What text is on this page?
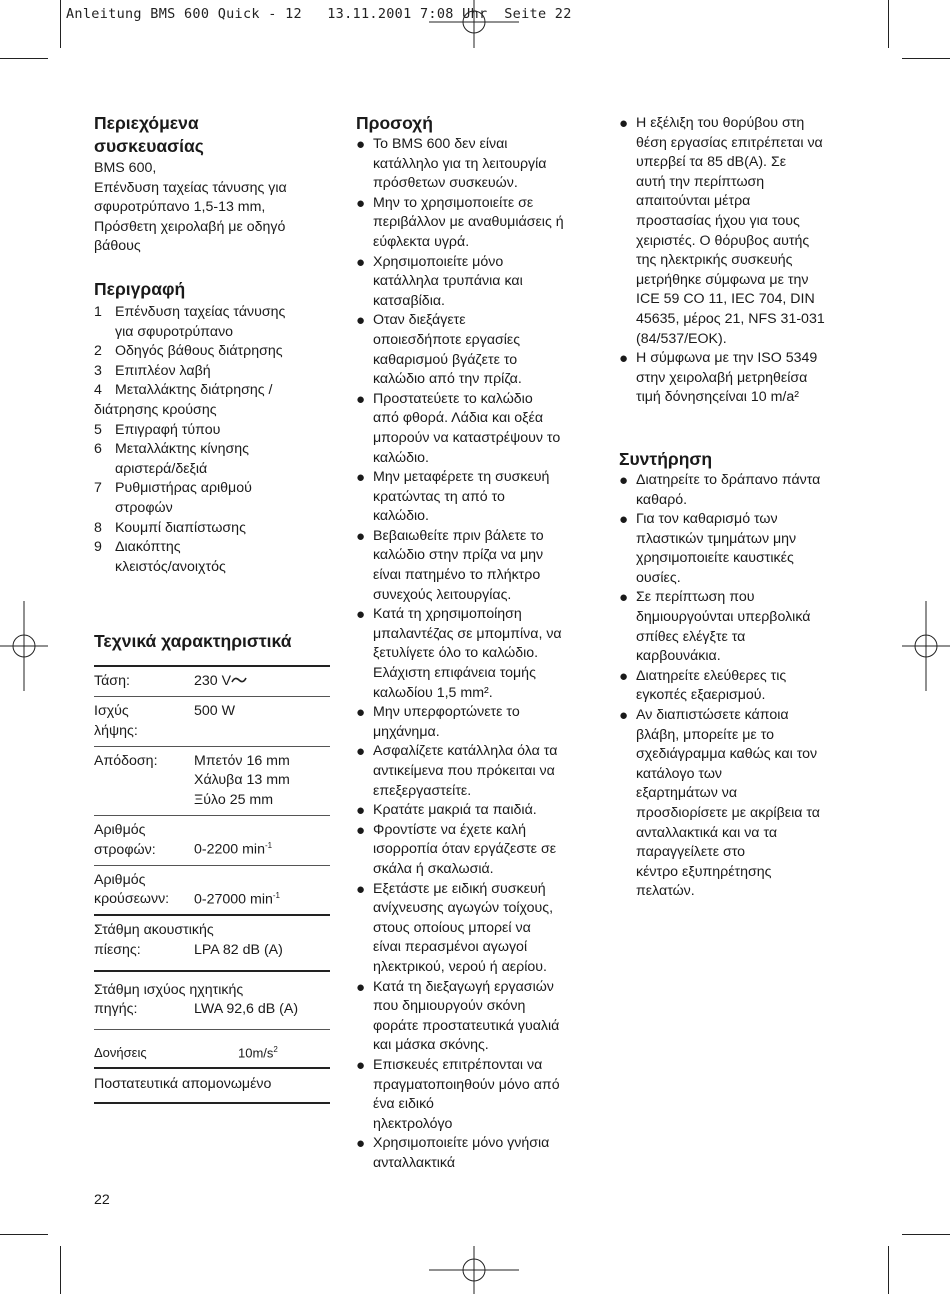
Anleitung BMS 600 Quick - 12   13.11.2001 7:08 Uhr  Seite 22
Περιεχόμενα
συσκευασίας

BMS 600,
Επένδυση ταχείας τάνυσης για σφυροτρύπανο 1,5-13 mm,
Πρόσθετη χειρολαβή με οδηγό βάθους

Περιγραφή
1 Επένδυση ταχείας τάνυσης
για σφυροτρύπανο
2 Οδηγός βάθους διάτρησης
3 Επιπλέον λαβή
4 Μεταλλάκτης διάτρησης /
διάτρησης κρούσης
5 Επιγραφή τύπου
6 Μεταλλάκτης κίνησης
αριστερά/δεξιά
7 Ρυθμιστήρας αριθμού
στροφών
8 Κουμπί διαπίστωσης
9 Διακόπτης
κλειστός/ανοιχτός
Τεχνικά χαρακτηριστικά
Τάση:	230 V
Ισχύς
λήψης:	500 W
Απόδοση:	Μπετόν 16 mm
Χάλυβα 13 mm
Ξύλο 25 mm
Αριθμός
στροφών:	0-2200 $\min^{-1}$
Αριθμός
κρούσεωνν:	0-27000 $\min^{-1}$

Στάθμη ακουστικής
πίεσης: LPA 82 dB (A)	

Στάθμη ισχύος ηχητικής
πηγής: LWA 92,6 dB (A)	

Δονήσεις	$10m/s^2$
Ποστατευτικά απομονωμένο	
Προσοχή
● Το BMS 600 δεν είναι
κατάλληλο για τη λειτουργία
πρόσθετων συσκευών.
● Μην το χρησιμοποιείτε σε
περιβάλλον με αναθυμιάσεις ή
εύφλεκτα υγρά.
● Χρησιμοποιείτε μόνο
κατάλληλα τρυπάνια και
κατσαβίδια.
● Οταν διεξάγετε
οποιεσδήποτε εργασίες
καθαρισμού βγάζετε το
καλώδιο από την πρίζα.
● Προστατεύετε το καλώδιο
από φθορά. Λάδια και οξέα
μπορούν να καταστρέψουν το
καλώδιο.
● Μην μεταφέρετε τη συσκευή
κρατώντας τη από το
καλώδιο.
● Βεβαιωθείτε πριν βάλετε το
καλώδιο στην πρίζα να μην
είναι πατημένο το πλήκτρο
συνεχούς λειτουργίας.
● Κατά τη χρησιμοποίηση
μπαλαντέζας σε μπομπίνα, να
ξετυλίγετε όλο το καλώδιο.
Ελάχιστη επιφάνεια τομής
καλωδίου 1,5 mm².
● Μην υπερφορτώνετε το
μηχάνημα.
● Ασφαλίζετε κατάλληλα όλα τα
αντικείμενα που πρόκειται να
επεξεργαστείτε.
● Κρατάτε μακριά τα παιδιά.
● Φροντίστε να έχετε καλή
ισορροπία όταν εργάζεστε σε
σκάλα ή σκαλωσιά.
● Εξετάστε με ειδική συσκευή
ανίχνευσης αγωγών τοίχους,
στους οποίους μπορεί να
είναι περασμένοι αγωγοί
ηλεκτρικού, νερού ή αερίου.
● Κατά τη διεξαγωγή εργασιών
που δημιουργούν σκόνη
φοράτε προστατευτικά γυαλιά
και μάσκα σκόνης.
● Επισκευές επιτρέπονται να
πραγματοποιηθούν μόνο από
ένα ειδικό
ηλεκτρολόγο
● Χρησιμοποιείτε μόνο γνήσια
ανταλλακτικά
● Η εξέλιξη του θορύβου στη
θέση εργασίας επιτρέπεται να
υπερβεί τα 85 dB(A). Σε
αυτή την περίπτωση
απαιτούνται μέτρα
προστασίας ήχου για τους
χειριστές. Ο θόρυβος αυτής
της ηλεκτρικής συσκευής
μετρήθηκε σύμφωνα με την
ICE 59 CO 11, IEC 704, DIN
45635, μέρος 21, NFS 31-031
(84/537/EOK).
● Η σύμφωνα με την ISO 5349
στην χειρολαβή μετρηθείσα
τιμή δόνησηςείναι 10 m/a²
Συντήρηση
● Διατηρείτε το δράπανο πάντα
καθαρό.
● Για τον καθαρισμό των
πλαστικών τμημάτων μην
χρησιμοποιείτε καυστικές
ουσίες.
● Σε περίπτωση που
δημιουργούνται υπερβολικά
σπίθες ελέγξτε τα
καρβουνάκια.
● Διατηρείτε ελεύθερες τις
εγκοπές εξαερισμού.
● Αν διαπιστώσετε κάποια
βλάβη, μπορείτε με το
σχεδιάγραμμα καθώς και τον
κατάλογο των
εξαρτημάτων να
προσδιορίσετε με ακρίβεια τα
ανταλλακτικά και να τα
παραγγείλετε στο
κέντρο εξυπηρέτησης
πελατών.
22
